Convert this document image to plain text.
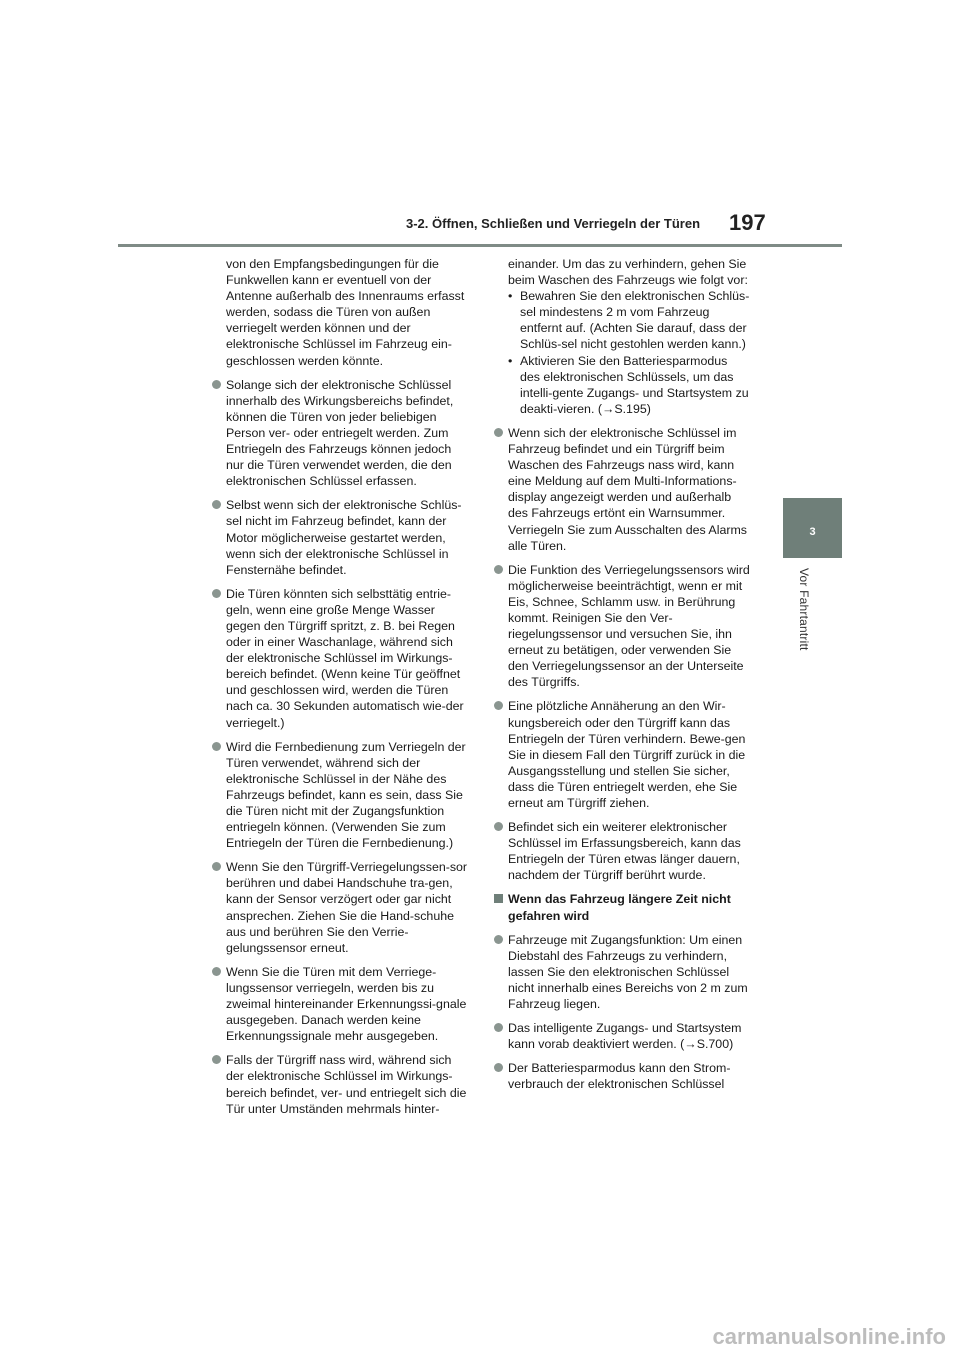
3-2. Öffnen, Schließen und Verriegeln der Türen 197
3
Vor Fahrtantritt

von den Empfangsbedingungen für die Funkwellen kann er eventuell von der Antenne außerhalb des Innenraums erfasst werden, sodass die Türen von außen verriegelt werden können und der elektronische Schlüssel im Fahrzeug ein-geschlossen werden könnte.

Solange sich der elektronische Schlüssel innerhalb des Wirkungsbereichs befindet, können die Türen von jeder beliebigen Person ver- oder entriegelt werden. Zum Entriegeln des Fahrzeugs können jedoch nur die Türen verwendet werden, die den elektronischen Schlüssel erfassen.
Selbst wenn sich der elektronische Schlüs-sel nicht im Fahrzeug befindet, kann der Motor möglicherweise gestartet werden, wenn sich der elektronische Schlüssel in Fensternähe befindet.
Die Türen könnten sich selbsttätig entrie-geln, wenn eine große Menge Wasser gegen den Türgriff spritzt, z. B. bei Regen oder in einer Waschanlage, während sich der elektronische Schlüssel im Wirkungs-bereich befindet. (Wenn keine Tür geöffnet und geschlossen wird, werden die Türen nach ca. 30 Sekunden automatisch wie-der verriegelt.)
Wird die Fernbedienung zum Verriegeln der Türen verwendet, während sich der elektronische Schlüssel in der Nähe des Fahrzeugs befindet, kann es sein, dass Sie die Türen nicht mit der Zugangsfunktion entriegeln können. (Verwenden Sie zum Entriegeln der Türen die Fernbedienung.)
Wenn Sie den Türgriff-Verriegelungssen-sor berühren und dabei Handschuhe tra-gen, kann der Sensor verzögert oder gar nicht ansprechen. Ziehen Sie die Hand-schuhe aus und berühren Sie den Verrie-gelungssensor erneut.
Wenn Sie die Türen mit dem Verriege-lungssensor verriegeln, werden bis zu zweimal hintereinander Erkennungssi-gnale ausgegeben. Danach werden keine Erkennungssignale mehr ausgegeben.
Falls der Türgriff nass wird, während sich der elektronische Schlüssel im Wirkungs-bereich befindet, ver- und entriegelt sich die Tür unter Umständen mehrmals hinter-

einander. Um das zu verhindern, gehen Sie beim Waschen des Fahrzeugs wie folgt vor:

• Bewahren Sie den elektronischen Schlüs-sel mindestens 2 m vom Fahrzeug entfernt auf. (Achten Sie darauf, dass der Schlüs-sel nicht gestohlen werden kann.)
• Aktivieren Sie den Batteriesparmodus des elektronischen Schlüssels, um das intelli-gente Zugangs- und Startsystem zu deakti-vieren. (→S.195)
Wenn sich der elektronische Schlüssel im Fahrzeug befindet und ein Türgriff beim Waschen des Fahrzeugs nass wird, kann eine Meldung auf dem Multi-Informations-display angezeigt werden und außerhalb des Fahrzeugs ertönt ein Warnsummer. Verriegeln Sie zum Ausschalten des Alarms alle Türen.
Die Funktion des Verriegelungssensors wird möglicherweise beeinträchtigt, wenn er mit Eis, Schnee, Schlamm usw. in Berührung kommt. Reinigen Sie den Ver-riegelungssensor und versuchen Sie, ihn erneut zu betätigen, oder verwenden Sie den Verriegelungssensor an der Unterseite des Türgriffs.
Eine plötzliche Annäherung an den Wir-kungsbereich oder den Türgriff kann das Entriegeln der Türen verhindern. Bewe-gen Sie in diesem Fall den Türgriff zurück in die Ausgangsstellung und stellen Sie sicher, dass die Türen entriegelt werden, ehe Sie erneut am Türgriff ziehen.
Befindet sich ein weiterer elektronischer Schlüssel im Erfassungsbereich, kann das Entriegeln der Türen etwas länger dauern, nachdem der Türgriff berührt wurde.
Wenn das Fahrzeug längere Zeit nicht gefahren wird
Fahrzeuge mit Zugangsfunktion: Um einen Diebstahl des Fahrzeugs zu verhindern, lassen Sie den elektronischen Schlüssel nicht innerhalb eines Bereichs von 2 m zum Fahrzeug liegen.
Das intelligente Zugangs- und Startsystem kann vorab deaktiviert werden. (→S.700)
Der Batteriesparmodus kann den Strom-verbrauch der elektronischen Schlüssel
carmanualsonline.info
